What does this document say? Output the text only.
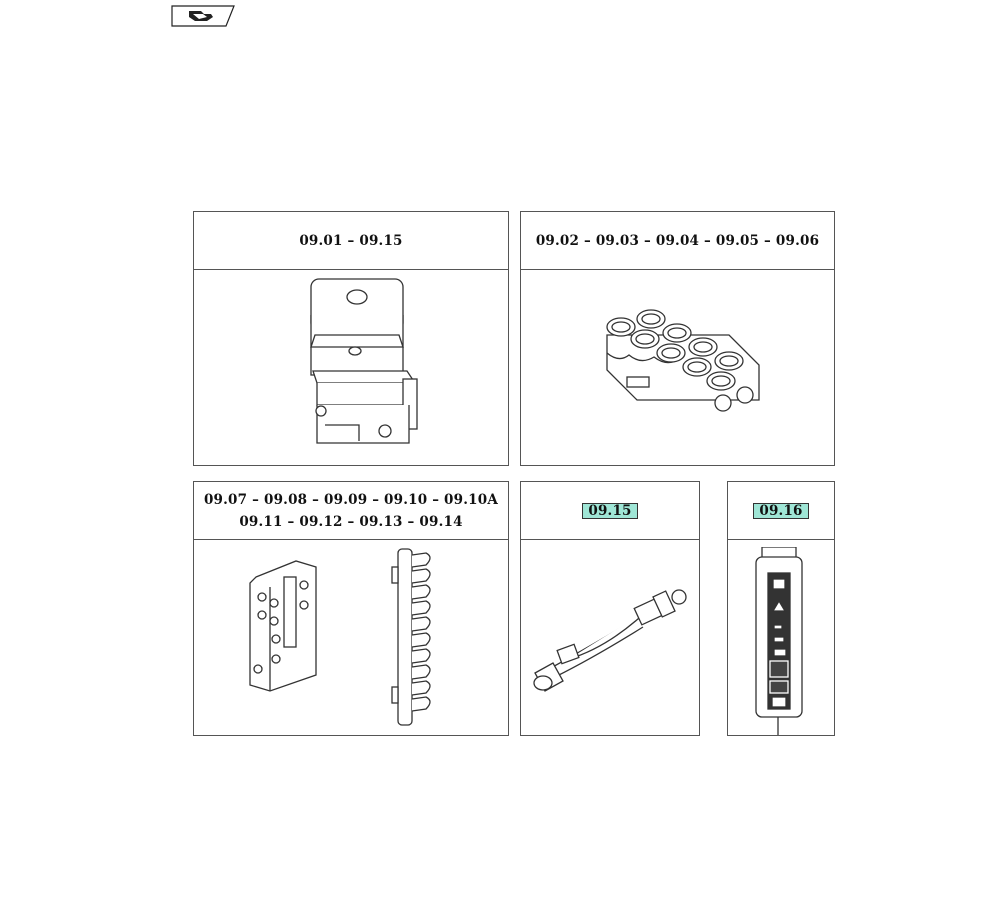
09.01 – 09.15	09.02 – 09.03 – 09.04 – 09.05 – 09.06
09.07 – 09.08 – 09.09 – 09.10 – 09.10A
09.11 – 09.12 – 09.13 – 09.14
09.15	09.16
